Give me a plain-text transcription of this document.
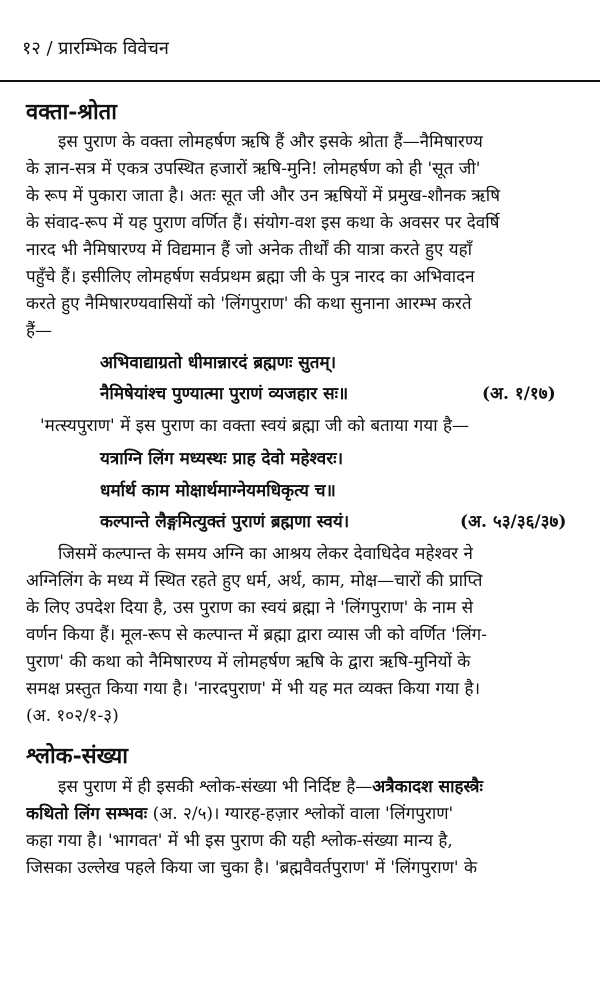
१२ / प्रारम्भिक विवेचन
वक्ता-श्रोता
इस पुराण के वक्ता लोमहर्षण ऋषि हैं और इसके श्रोता हैं—नैमिषारण्य
के ज्ञान-सत्र में एकत्र उपस्थित हजारों ऋषि-मुनि! लोमहर्षण को ही 'सूत जी'
के रूप में पुकारा जाता है। अतः सूत जी और उन ऋषियों में प्रमुख-शौनक ऋषि
के संवाद-रूप में यह पुराण वर्णित हैं। संयोग-वश इस कथा के अवसर पर देवर्षि
नारद भी नैमिषारण्य में विद्यमान हैं जो अनेक तीर्थों की यात्रा करते हुए यहाँ
पहुँचे हैं। इसीलिए लोमहर्षण सर्वप्रथम ब्रह्मा जी के पुत्र नारद का अभिवादन
करते हुए नैमिषारण्यवासियों को 'लिंगपुराण' की कथा सुनाना आरम्भ करते
हैं—
अभिवाद्याग्रतो धीमान्नारदं ब्रह्मणः सुतम्।
नैमिषेयांश्च पुण्यात्मा पुराणं व्यजहार सः॥	(अ. १/१७)
'मत्स्यपुराण' में इस पुराण का वक्ता स्वयं ब्रह्मा जी को बताया गया है—
यत्राग्नि लिंग मध्यस्थः प्राह देवो महेश्वरः।
धर्मार्थ काम मोक्षार्थमाग्नेयमधिकृत्य च॥
कल्पान्ते लैङ्गमित्युक्तं पुराणं ब्रह्मणा स्वयं।	(अ. ५३/३६/३७)
जिसमें कल्पान्त के समय अग्नि का आश्रय लेकर देवाधिदेव महेश्वर ने
अग्निलिंग के मध्य में स्थित रहते हुए धर्म, अर्थ, काम, मोक्ष—चारों की प्राप्ति
के लिए उपदेश दिया है, उस पुराण का स्वयं ब्रह्मा ने 'लिंगपुराण' के नाम से
वर्णन किया हैं। मूल-रूप से कल्पान्त में ब्रह्मा द्वारा व्यास जी को वर्णित 'लिंग-
पुराण' की कथा को नैमिषारण्य में लोमहर्षण ऋषि के द्वारा ऋषि-मुनियों के
समक्ष प्रस्तुत किया गया है। 'नारदपुराण' में भी यह मत व्यक्त किया गया है।
(अ. १०२/१-३)
श्लोक-संख्या
इस पुराण में ही इसकी श्लोक-संख्या भी निर्दिष्ट है—अत्रैकादश साहस्त्रैः
कथितो लिंग सम्भवः (अ. २/५)। ग्यारह-हज़ार श्लोकों वाला 'लिंगपुराण'
कहा गया है। 'भागवत' में भी इस पुराण की यही श्लोक-संख्या मान्य है,
जिसका उल्लेख पहले किया जा चुका है। 'ब्रह्मवैवर्तपुराण' में 'लिंगपुराण' के
